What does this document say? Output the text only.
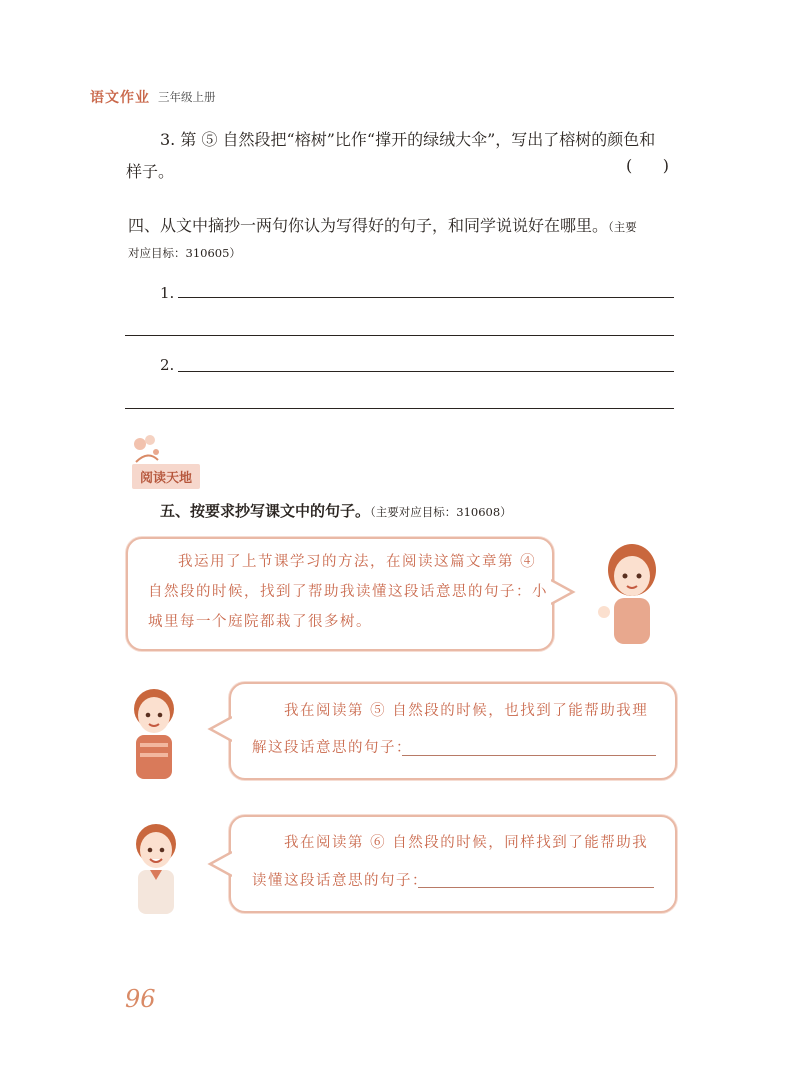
语文作业 三年级上册
3. 第 ⑤ 自然段把“榕树”比作“撑开的绿绒大伞”，写出了榕树的颜色和
样子。	(      )
四、从文中摘抄一两句你认为写得好的句子，和同学说说好在哪里。（主要
对应目标：310605）
1.
2.
阅读天地
五、按要求抄写课文中的句子。（主要对应目标：310608）
我运用了上节课学习的方法，在阅读这篇文章第 ④
自然段的时候，找到了帮助我读懂这段话意思的句子：小
城里每一个庭院都栽了很多树。
我在阅读第 ⑤ 自然段的时候，也找到了能帮助我理
解这段话意思的句子：
我在阅读第 ⑥ 自然段的时候，同样找到了能帮助我
读懂这段话意思的句子：
96
